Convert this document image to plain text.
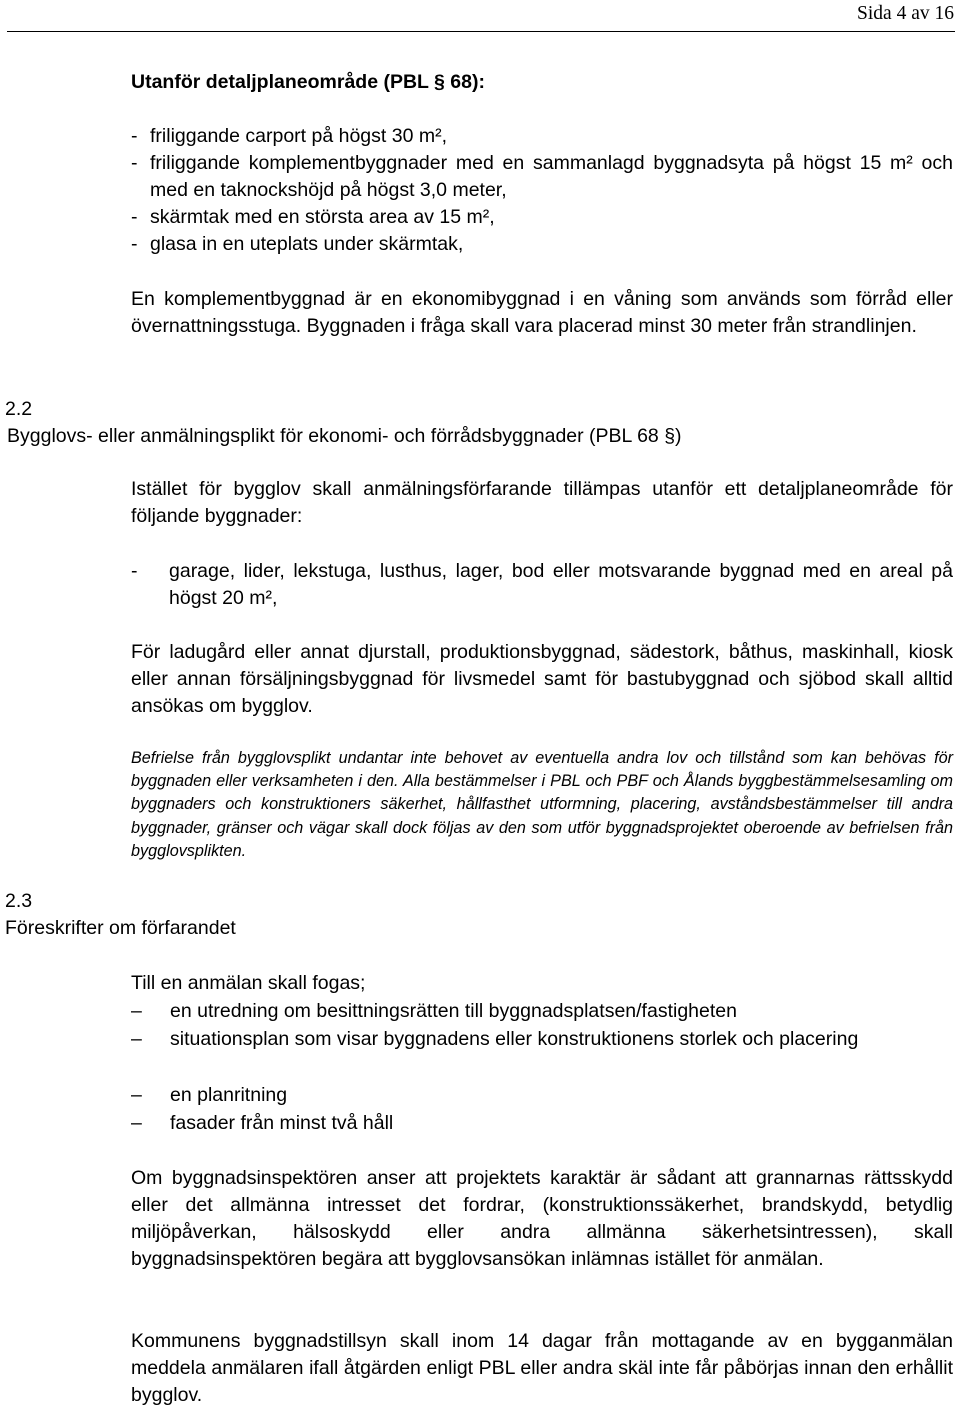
Sida 4 av 16
Utanför detaljplaneområde (PBL § 68):
- friliggande carport på högst 30 m²,
- friliggande komplementbyggnader med en sammanlagd byggnadsyta på högst 15 m² och med en taknockshöjd på högst 3,0 meter,
- skärmtak med en största area av 15 m²,
- glasa in en uteplats under skärmtak,
En komplementbyggnad är en ekonomibyggnad i en våning som används som förråd eller övernattningsstuga. Byggnaden i fråga skall vara placerad minst 30 meter från strandlinjen.
2.2
Bygglovs- eller anmälningsplikt för ekonomi- och förrådsbyggnader (PBL 68 §)
Istället för bygglov skall anmälningsförfarande tillämpas utanför ett detaljplaneområde för följande byggnader:
-	garage, lider, lekstuga, lusthus, lager, bod eller motsvarande byggnad med en areal på högst 20 m²,
För ladugård eller annat djurstall, produktionsbyggnad, sädestork, båthus, maskinhall, kiosk eller annan försäljningsbyggnad för livsmedel samt för bastubyggnad och sjöbod skall alltid ansökas om bygglov.
Befrielse från bygglovsplikt undantar inte behovet av eventuella andra lov och tillstånd som kan behövas för byggnaden eller verksamheten i den. Alla bestämmelser i PBL och PBF och Ålands byggbestämmelsesamling om byggnaders och konstruktioners säkerhet, hållfasthet utformning, placering, avståndsbestämmelser till andra byggnader, gränser och vägar skall dock följas av den som utför byggnadsprojektet oberoende av befrielsen från bygglovsplikten.
2.3
Föreskrifter om förfarandet
Till en anmälan skall fogas;
–	en utredning om besittningsrätten till byggnadsplatsen/fastigheten
–	situationsplan som visar byggnadens eller konstruktionens storlek och placering
–	en planritning
–	fasader från minst två håll
Om byggnadsinspektören anser att projektets karaktär är sådant att grannarnas rättsskydd eller det allmänna intresset det fordrar, (konstruktionssäkerhet, brandskydd, betydlig miljöpåverkan, hälsoskydd eller andra allmänna säkerhetsintressen), skall byggnadsinspektören begära att bygglovsansökan inlämnas istället för anmälan.
Kommunens byggnadstillsyn skall inom 14 dagar från mottagande av en bygganmälan meddela anmälaren ifall åtgärden enligt PBL eller andra skäl inte får påbörjas innan den erhållit bygglov.
